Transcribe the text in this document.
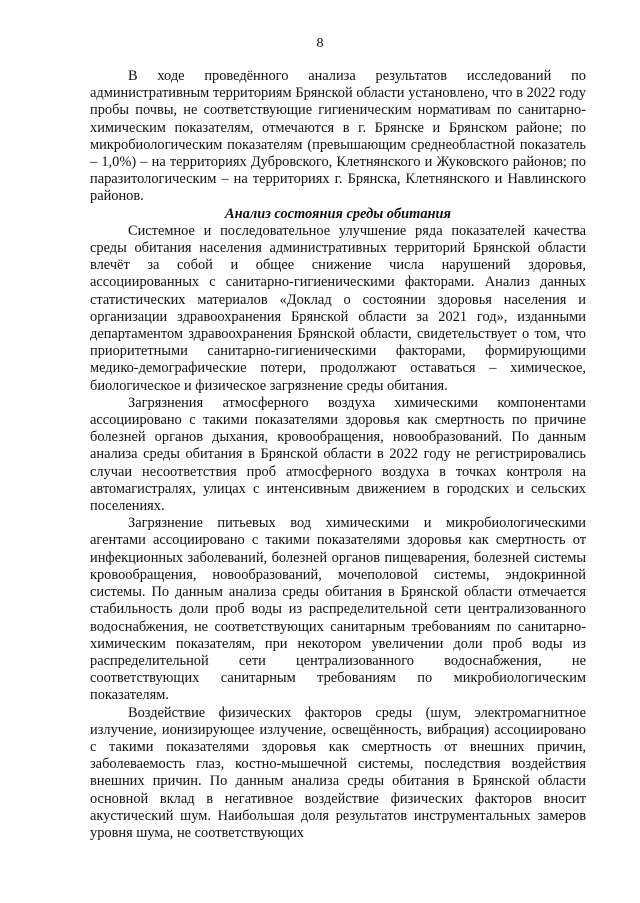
8

В ходе проведённого анализа результатов исследований по административным территориям Брянской области установлено, что в 2022 году пробы почвы, не соответствующие гигиеническим нормативам по санитарно-химическим показателям, отмечаются в г. Брянске и Брянском районе; по микробиологическим показателям (превышающим среднеобластной показатель – 1,0%) – на территориях Дубровского, Клетнянского и Жуковского районов; по паразитологическим – на территориях г. Брянска, Клетнянского и Навлинского районов.

Анализ состояния среды обитания

Системное и последовательное улучшение ряда показателей качества среды обитания населения административных территорий Брянской области влечёт за собой и общее снижение числа нарушений здоровья, ассоциированных с санитарно-гигиеническими факторами. Анализ данных статистических материалов «Доклад о состоянии здоровья населения и организации здравоохранения Брянской области за 2021 год», изданными департаментом здравоохранения Брянской области, свидетельствует о том, что приоритетными санитарно-гигиеническими факторами, формирующими медико-демографические потери, продолжают оставаться – химическое, биологическое и физическое загрязнение среды обитания.

Загрязнения атмосферного воздуха химическими компонентами ассоциировано с такими показателями здоровья как смертность по причине болезней органов дыхания, кровообращения, новообразований. По данным анализа среды обитания в Брянской области в 2022 году не регистрировались случаи несоответствия проб атмосферного воздуха в точках контроля на автомагистралях, улицах с интенсивным движением в городских и сельских поселениях.

Загрязнение питьевых вод химическими и микробиологическими агентами ассоциировано с такими показателями здоровья как смертность от инфекционных заболеваний, болезней органов пищеварения, болезней системы кровообращения, новообразований, мочеполовой системы, эндокринной системы. По данным анализа среды обитания в Брянской области отмечается стабильность доли проб воды из распределительной сети централизованного водоснабжения, не соответствующих санитарным требованиям по санитарно-химическим показателям, при некотором увеличении доли проб воды из распределительной сети централизованного водоснабжения, не соответствующих санитарным требованиям по микробиологическим показателям.

Воздействие физических факторов среды (шум, электромагнитное излучение, ионизирующее излучение, освещённость, вибрация) ассоциировано с такими показателями здоровья как смертность от внешних причин, заболеваемость глаз, костно-мышечной системы, последствия воздействия внешних причин. По данным анализа среды обитания в Брянской области основной вклад в негативное воздействие физических факторов вносит акустический шум. Наибольшая доля результатов инструментальных замеров уровня шума, не соответствующих
